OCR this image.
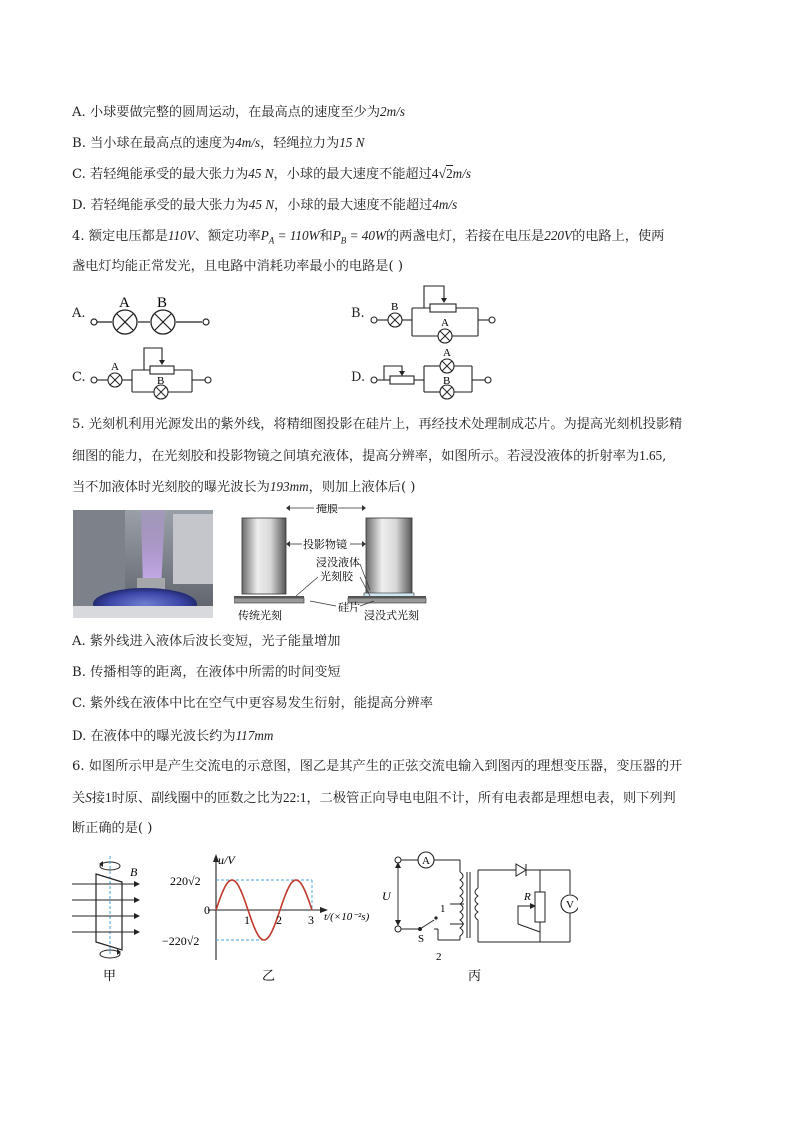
A. 小球要做完整的圆周运动，在最高点的速度至少为2m/s
B. 当小球在最高点的速度为4m/s，轻绳拉力为15 N
C. 若轻绳能承受的最大张力为45 N，小球的最大速度不能超过4√2m/s
D. 若轻绳能承受的最大张力为45 N，小球的最大速度不能超过4m/s
4. 额定电压都是110V、额定功率$P_A = 110W$和$P_B = 40W$的两盏电灯，若接在电压是220V的电路上，使两
盏电灯均能正常发光，且电路中消耗功率最小的电路是( )
A.
A B
B. B
A
C.
A
B	D.
A
B
5. 光刻机利用光源发出的紫外线，将精细图投影在硅片上，再经技术处理制成芯片。为提高光刻机投影精
细图的能力，在光刻胶和投影物镜之间填充液体，提高分辨率，如图所示。若浸没液体的折射率为1.65,
当不加液体时光刻胶的曝光波长为193mm，则加上液体后( )
掩膜
投影物镜
浸没液体
光刻胶
硅片
传统光刻	浸没式光刻
A. 紫外线进入液体后波长变短，光子能量增加
B. 传播相等的距离，在液体中所需的时间变短
C. 紫外线在液体中比在空气中更容易发生衍射，能提高分辨率
D. 在液体中的曝光波长约为117mm
6. 如图所示甲是产生交流电的示意图，图乙是其产生的正弦交流电输入到图丙的理想变压器，变压器的开
关S接1时原、副线圈中的匝数之比为22:1，二极管正向导电电阻不计，所有电表都是理想电表，则下列判
断正确的是( )
B
甲
u/V
220√2
−220√2
0
1 2 3 t/(×10⁻²s)
乙
A
1
U
S
2
R
V
丙
